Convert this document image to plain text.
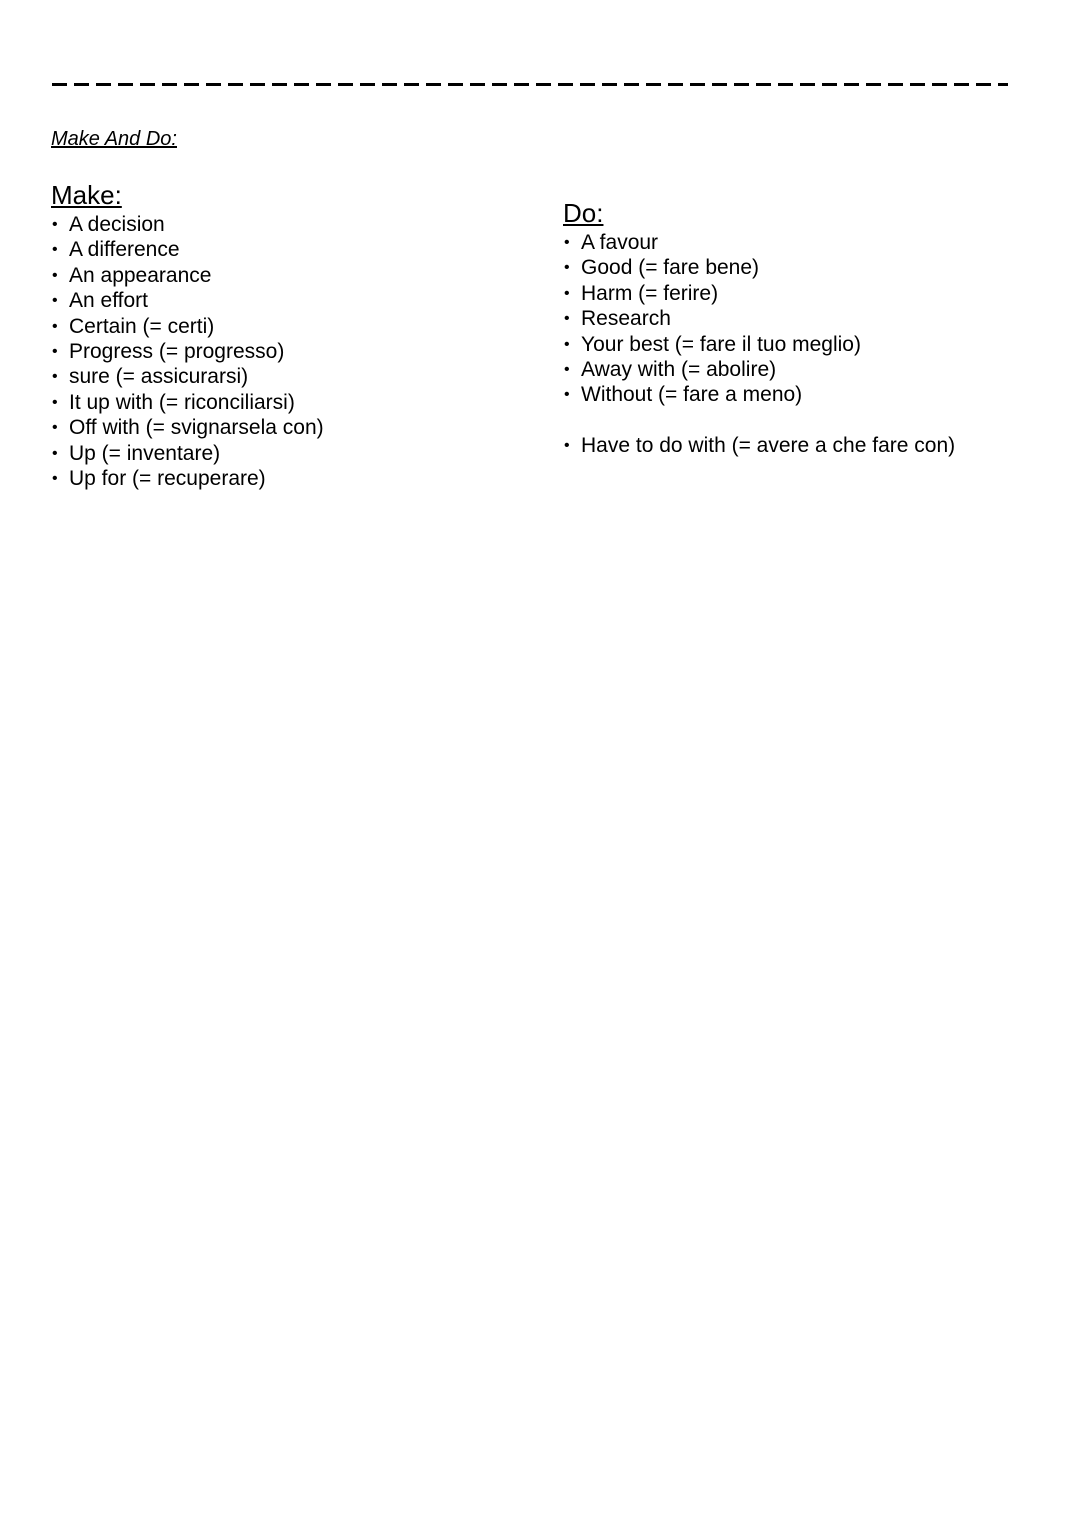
Make And Do:
Make:
• A decision
• A difference
• An appearance
• An effort
• Certain (= certi)
• Progress (= progresso)
• sure (= assicurarsi)
• It up with (= riconciliarsi)
• Off with (= svignarsela con)
• Up (= inventare)
• Up for (= recuperare)
Do:
• A favour
• Good (= fare bene)
• Harm (= ferire)
• Research
• Your best (= fare il tuo meglio)
• Away with (= abolire)
• Without (= fare a meno)
• Have to do with (= avere a che fare con)
